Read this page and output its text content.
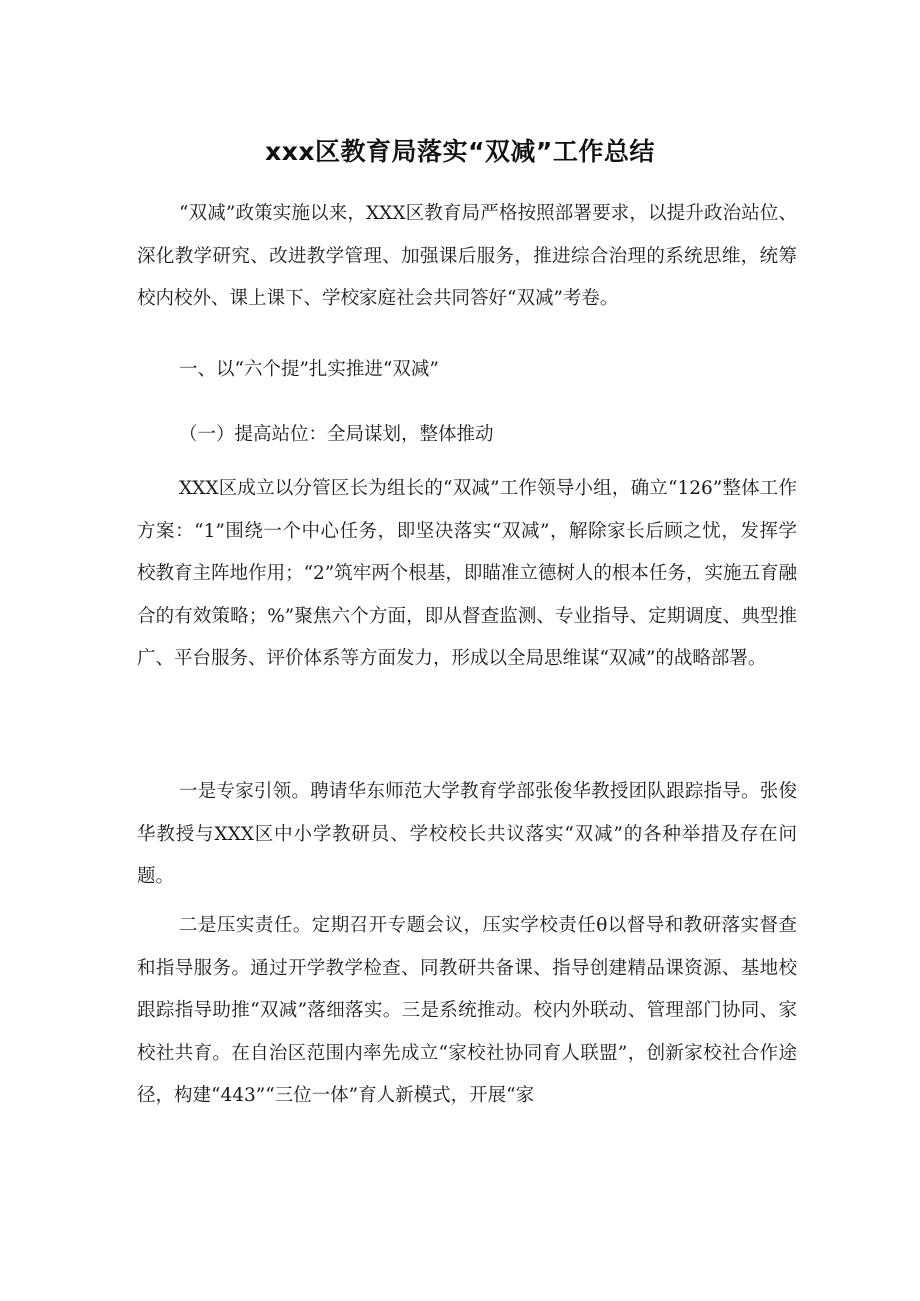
xxx区教育局落实“双减”工作总结

“双减”政策实施以来，XXX区教育局严格按照部署要求，以提升政治站位、深化教学研究、改进教学管理、加强课后服务，推进综合治理的系统思维，统筹校内校外、课上课下、学校家庭社会共同答好“双减”考卷。

一、以“六个提”扎实推进“双减”

（一）提高站位：全局谋划，整体推动

XXX区成立以分管区长为组长的“双减”工作领导小组，确立“126”整体工作方案：“1”围绕一个中心任务，即坚决落实“双减”，解除家长后顾之忧，发挥学校教育主阵地作用；“2”筑牢两个根基，即瞄准立德树人的根本任务，实施五育融合的有效策略；%”聚焦六个方面，即从督查监测、专业指导、定期调度、典型推广、平台服务、评价体系等方面发力，形成以全局思维谋“双减”的战略部署。

一是专家引领。聘请华东师范大学教育学部张俊华教授团队跟踪指导。张俊华教授与XXX区中小学教研员、学校校长共议落实“双减”的各种举措及存在问题。

二是压实责任。定期召开专题会议，压实学校责任θ以督导和教研落实督查和指导服务。通过开学教学检查、同教研共备课、指导创建精品课资源、基地校跟踪指导助推“双减”落细落实。三是系统推动。校内外联动、管理部门协同、家校社共育。在自治区范围内率先成立“家校社协同育人联盟”，创新家校社合作途径，构建“443”“三位一体”育人新模式，开展“家
